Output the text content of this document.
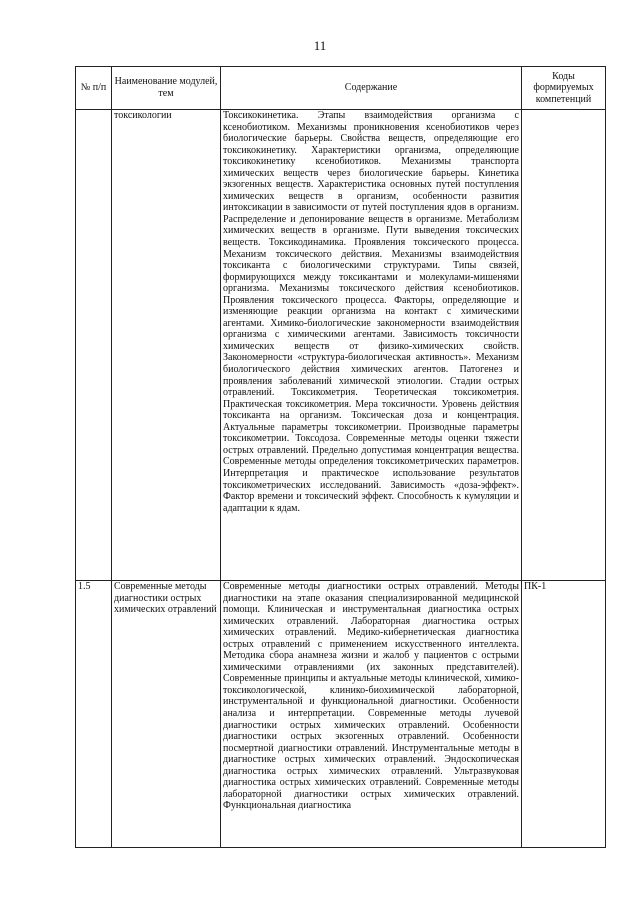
11
№ п/п	Наименование модулей, тем	Содержание	Коды формируемых компетенций
	токсикологии	Токсикокинетика. Этапы взаимодействия организма с ксенобиотиком. Механизмы проникновения ксенобиотиков через биологические барьеры. Свойства веществ, определяющие его токсикокинетику. Характеристики организма, определяющие токсикокинетику ксенобиотиков. Механизмы транспорта химических веществ через биологические барьеры. Кинетика экзогенных веществ. Характеристика основных путей поступления химических веществ в организм, особенности развития интоксикации в зависимости от путей поступления ядов в организм. Распределение и депонирование веществ в организме. Метаболизм химических веществ в организме. Пути выведения токсических веществ. Токсикодинамика. Проявления токсического процесса. Механизм токсического действия. Механизмы взаимодействия токсиканта с биологическими структурами. Типы связей, формирующихся между токсикантами и молекулами-мишенями организма. Механизмы токсического действия ксенобиотиков. Проявления токсического процесса. Факторы, определяющие и изменяющие реакции организма на контакт с химическими агентами. Химико-биологические закономерности взаимодействия организма с химическими агентами. Зависимость токсичности химических веществ от физико-химических свойств. Закономерности «структура-биологическая активность». Механизм биологического действия химических агентов. Патогенез и проявления заболеваний химической этиологии. Стадии острых отравлений. Токсикометрия. Теоретическая токсикометрия. Практическая токсикометрия. Мера токсичности. Уровень действия токсиканта на организм. Токсическая доза и концентрация. Актуальные параметры токсикометрии. Производные параметры токсикометрии. Токсодоза. Современные методы оценки тяжести острых отравлений. Предельно допустимая концентрация вещества. Современные методы определения токсикометрических параметров. Интерпретация и практическое использование результатов токсикометрических исследований. Зависимость «доза-эффект». Фактор времени и токсический эффект. Способность к кумуляции и адаптации к ядам.	
1.5	Современные методы диагностики острых химических отравлений	Современные методы диагностики острых отравлений. Методы диагностики на этапе оказания специализированной медицинской помощи. Клиническая и инструментальная диагностика острых химических отравлений. Лабораторная диагностика острых химических отравлений. Медико-кибернетическая диагностика острых отравлений с применением искусственного интеллекта. Методика сбора анамнеза жизни и жалоб у пациентов с острыми химическими отравлениями (их законных представителей). Современные принципы и актуальные методы клинической, химико-токсикологической, клинико-биохимической лабораторной, инструментальной и функциональной диагностики. Особенности анализа и интерпретации. Современные методы лучевой диагностики острых химических отравлений. Особенности диагностики острых экзогенных отравлений. Особенности посмертной диагностики отравлений. Инструментальные методы в диагностике острых химических отравлений. Эндоскопическая диагностика острых химических отравлений. Ультразвуковая диагностика острых химических отравлений. Современные методы лабораторной диагностики острых химических отравлений. Функциональная диагностика	ПК-1
